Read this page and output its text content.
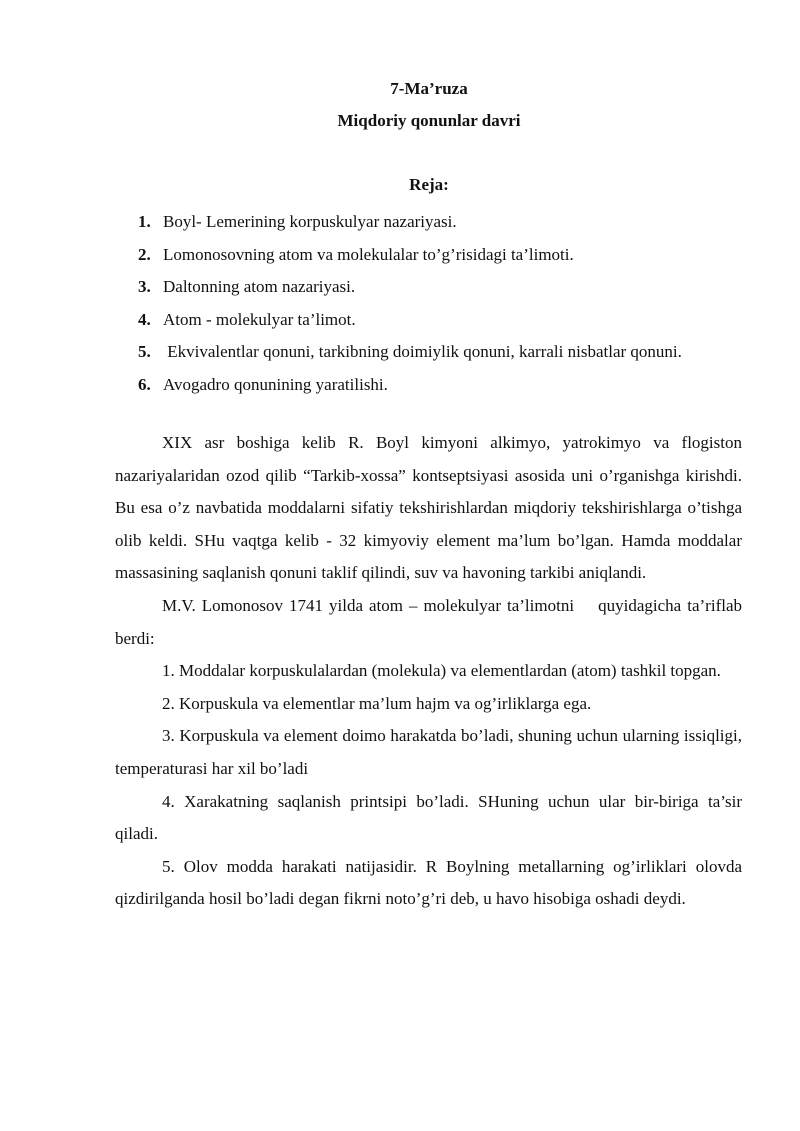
7-Ma’ruza
Miqdoriy qonunlar davri
Reja:
1. Boyl- Lemerining korpuskulyar nazariyasi.
2. Lomonosovning atom va molekulalar to’g’risidagi ta’limoti.
3. Daltonning atom nazariyasi.
4. Atom - molekulyar ta’limot.
5. Ekvivalentlar qonuni, tarkibning doimiylik qonuni, karrali nisbatlar qonuni.
6. Avogadro qonunining yaratilishi.

XIX asr boshiga kelib R. Boyl kimyoni alkimyo, yatrokimyo va flogiston nazariyalaridan ozod qilib “Tarkib-xossa” kontseptsiyasi asosida uni o’rganishga kirishdi. Bu esa o’z navbatida moddalarni sifatiy tekshirishlardan miqdoriy tekshirishlarga o’tishga olib keldi. SHu vaqtga kelib - 32 kimyoviy element ma’lum bo’lgan. Hamda moddalar massasining saqlanish qonuni taklif qilindi, suv va havoning tarkibi aniqlandi.

M.V. Lomonosov 1741 yilda atom – molekulyar ta’limotni    quyidagicha ta’riflab   berdi:

1. Moddalar korpuskulalardan (molekula) va elementlardan (atom) tashkil topgan.

2. Korpuskula va elementlar ma’lum hajm va og’irliklarga ega.

3. Korpuskula va element doimo harakatda bo’ladi, shuning uchun ularning issiqligi, temperaturasi har xil bo’ladi

4. Xarakatning saqlanish printsipi bo’ladi. SHuning uchun ular bir-biriga ta’sir qiladi.

5. Olov modda harakati natijasidir. R Boylning metallarning og’irliklari olovda qizdirilganda hosil bo’ladi degan fikrni noto’g’ri deb, u havo hisobiga oshadi deydi.
